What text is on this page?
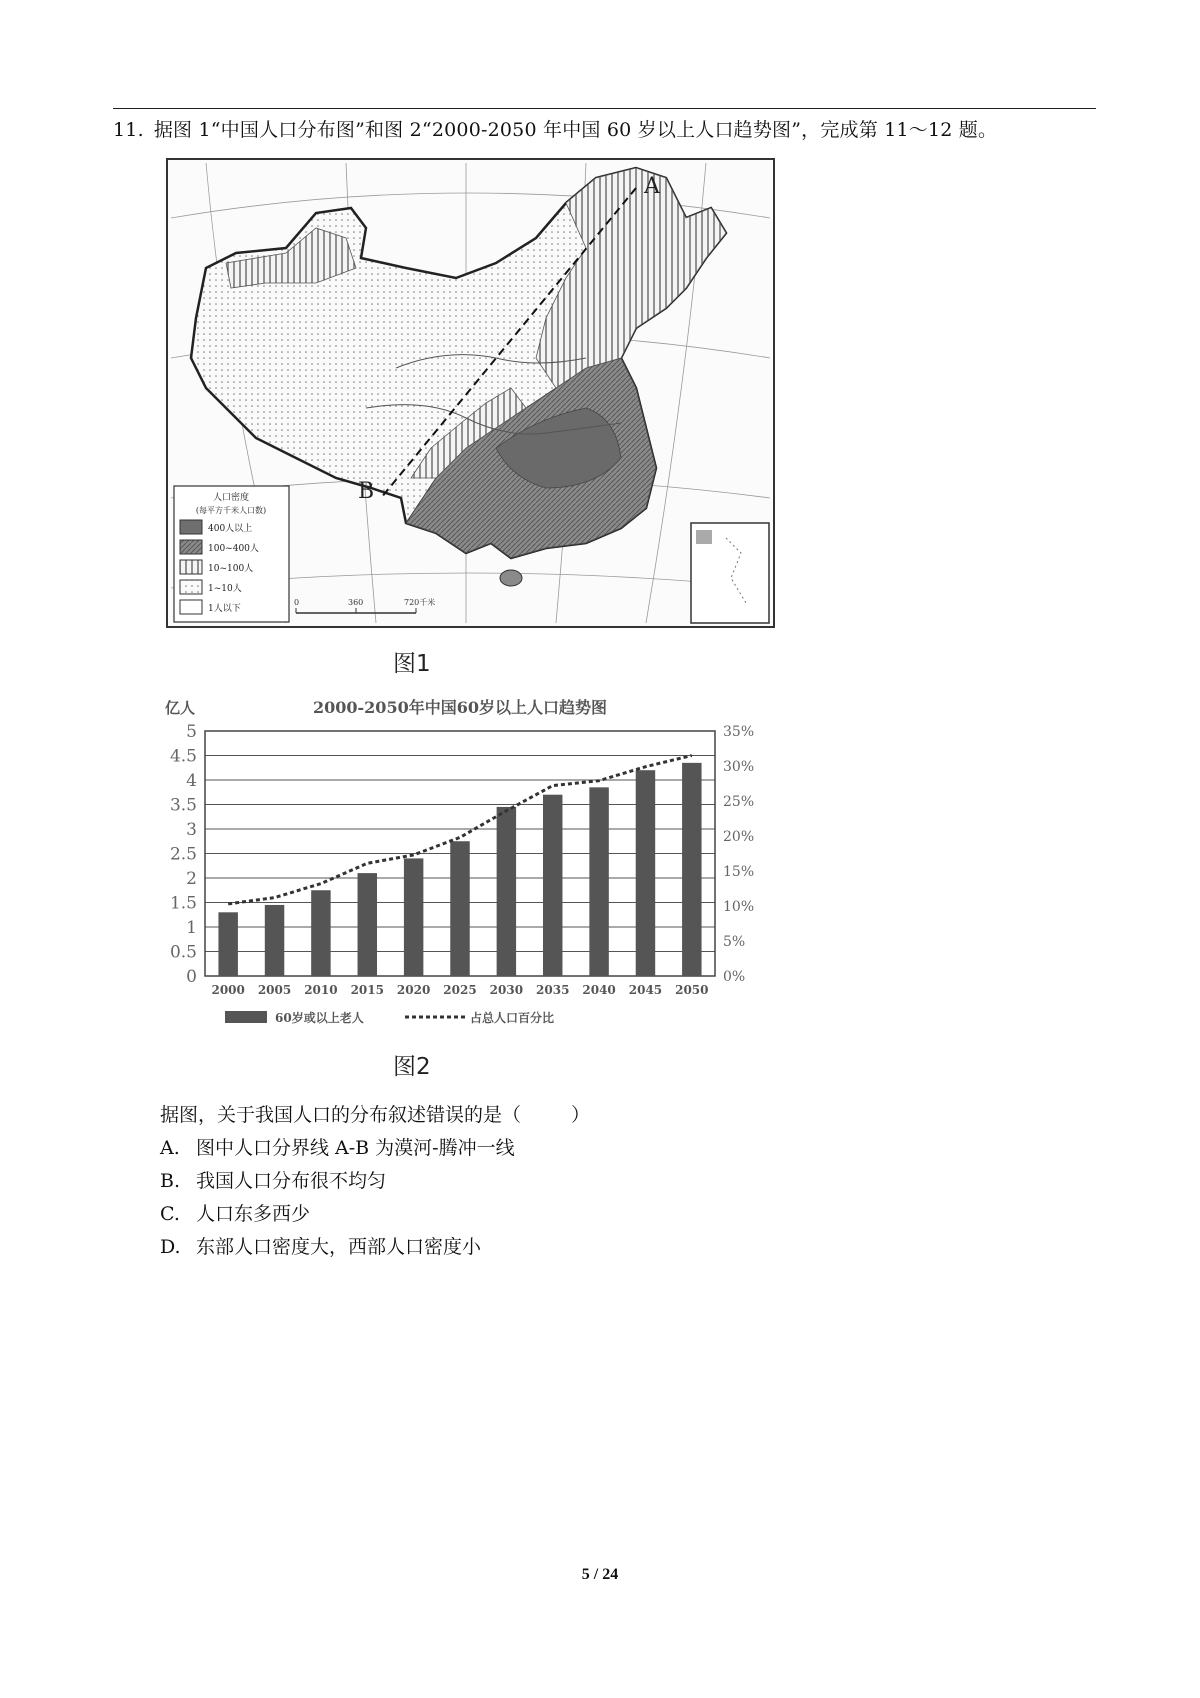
11. 据图 1“中国人口分布图”和图 2“2000-2050 年中国 60 岁以上人口趋势图”，完成第 11～12 题。
A
B
人口密度
(每平方千米人口数)
400人以上
100~400人
10~100人
1~10人
1人以下
0	360	720千米
图1
亿人	2000-2050年中国60岁以上人口趋势图
0
0.5
1
1.5
2
2.5
3
3.5
4
4.5
5
0%
5%
10%
15%
20%
25%
30%
35%
2000 2005 2010 2015 2020 2025 2030 2035 2040 2045 2050
60岁或以上老人	占总人口百分比
图2
据图，关于我国人口的分布叙述错误的是（	）
A. 图中人口分界线 A-B 为漠河-腾冲一线
B. 我国人口分布很不均匀
C. 人口东多西少
D. 东部人口密度大，西部人口密度小
5 / 24
